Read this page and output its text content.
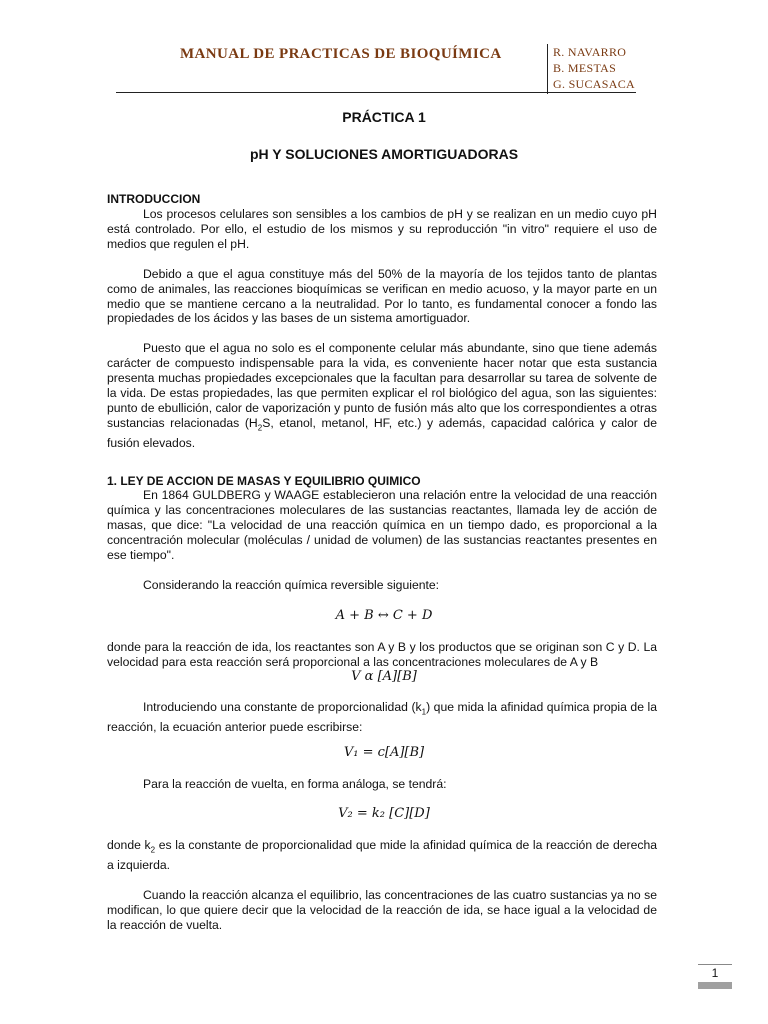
MANUAL DE PRACTICAS DE BIOQUÍMICA	R. NAVARRO
B. MESTAS
G. SUCASACA
PRÁCTICA 1
pH Y SOLUCIONES AMORTIGUADORAS
INTRODUCCION

Los procesos celulares son sensibles a los cambios de pH y se realizan en un medio cuyo pH está controlado. Por ello, el estudio de los mismos y su reproducción "in vitro" requiere el uso de medios que regulen el pH.

Debido a que el agua constituye más del 50% de la mayoría de los tejidos tanto de plantas como de animales, las reacciones bioquímicas se verifican en medio acuoso, y la mayor parte en un medio que se mantiene cercano a la neutralidad. Por lo tanto, es fundamental conocer a fondo las propiedades de los ácidos y las bases de un sistema amortiguador.

Puesto que el agua no solo es el componente celular más abundante, sino que tiene además carácter de compuesto indispensable para la vida, es conveniente hacer notar que esta sustancia presenta muchas propiedades excepcionales que la facultan para desarrollar su tarea de solvente de la vida. De estas propiedades, las que permiten explicar el rol biológico del agua, son las siguientes: punto de ebullición, calor de vaporización y punto de fusión más alto que los correspondientes a otras sustancias relacionadas ($H_2S$, etanol, metanol, HF, etc.) y además, capacidad calórica y calor de fusión elevados.

1. LEY DE ACCION DE MASAS Y EQUILIBRIO QUIMICO

En 1864 GULDBERG y WAAGE establecieron una relación entre la velocidad de una reacción química y las concentraciones moleculares de las sustancias reactantes, llamada ley de acción de masas, que dice: "La velocidad de una reacción química en un tiempo dado, es proporcional a la concentración molecular (moléculas / unidad de volumen) de las sustancias reactantes presentes en ese tiempo".

Considerando la reacción química reversible siguiente:

A + B ↔ C + D

donde para la reacción de ida, los reactantes son A y B y los productos que se originan son C y D. La velocidad para esta reacción será proporcional a las concentraciones moleculares de A y B

V α [A][B]

Introduciendo una constante de proporcionalidad $(k_1)$ que mida la afinidad química propia de la reacción, la ecuación anterior puede escribirse:

V₁ = c[A][B]

Para la reacción de vuelta, en forma análoga, se tendrá:

V₂ = k₂ [C][D]

donde $k_2$ es la constante de proporcionalidad que mide la afinidad química de la reacción de derecha a izquierda.

Cuando la reacción alcanza el equilibrio, las concentraciones de las cuatro sustancias ya no se modifican, lo que quiere decir que la velocidad de la reacción de ida, se hace igual a la velocidad de la reacción de vuelta.

1
